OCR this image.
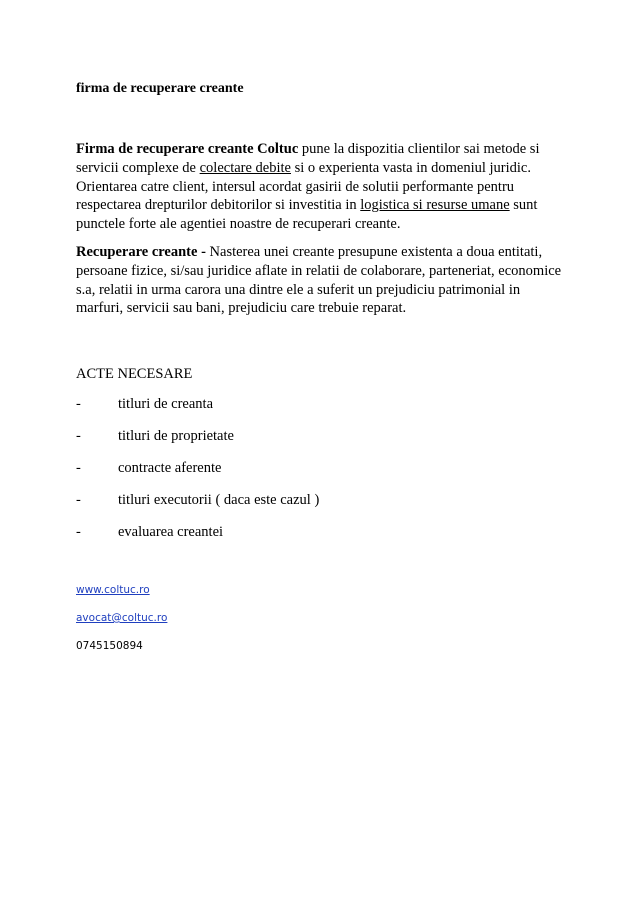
firma de recuperare creante

Firma de recuperare creante Coltuc pune la dispozitia clientilor sai metode si servicii complexe de colectare debite si o experienta vasta in domeniul juridic. Orientarea catre client, intersul acordat gasirii de solutii performante pentru respectarea drepturilor debitorilor si investitia in logistica si resurse umane sunt punctele forte ale agentiei noastre de recuperari creante.

Recuperare creante - Nasterea unei creante presupune existenta a doua entitati, persoane fizice, si/sau juridice aflate in relatii de colaborare, parteneriat, economice s.a, relatii in urma carora una dintre ele a suferit un prejudiciu patrimonial in marfuri, servicii sau bani, prejudiciu care trebuie reparat.

ACTE NECESARE

-	titluri de creanta
-	titluri de proprietate
-	contracte aferente
-	titluri executorii ( daca este cazul )
-	evaluarea creantei

www.coltuc.ro

avocat@coltuc.ro

0745150894
